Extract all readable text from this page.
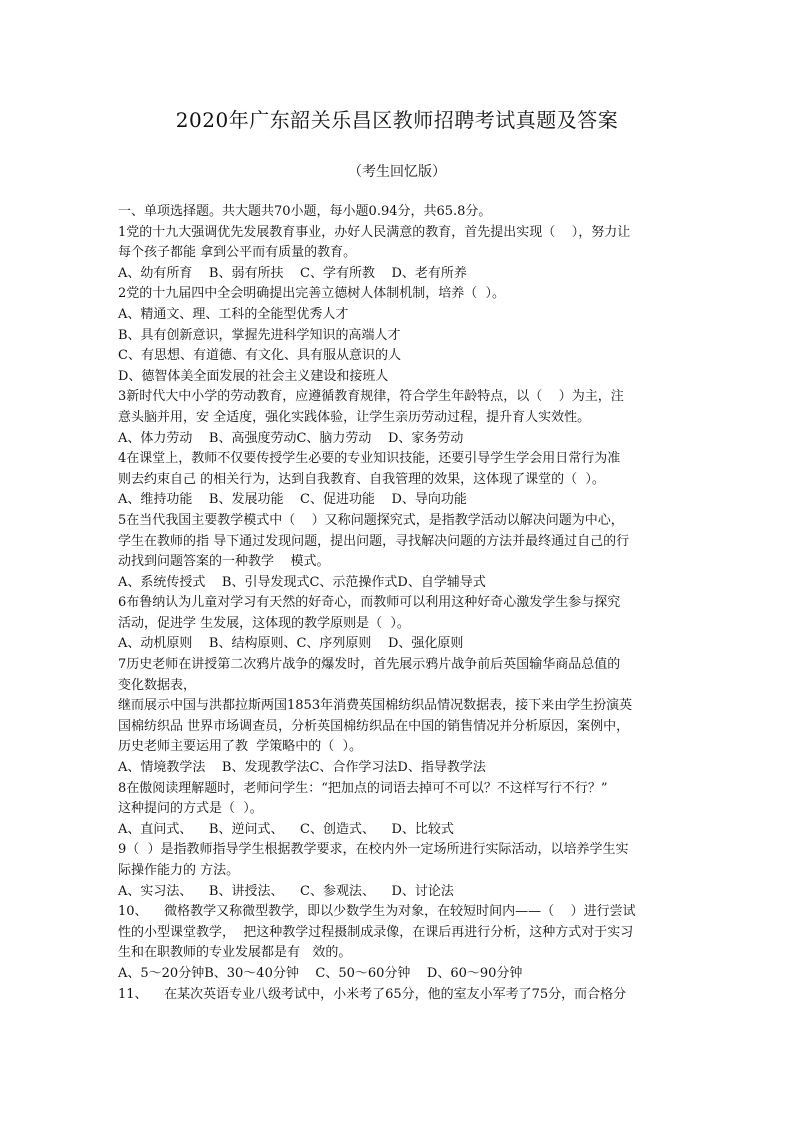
2020年广东韶关乐昌区教师招聘考试真题及答案
（考生回忆版）
一、单项选择题。共大题共70小题，每小题0.94分，共65.8分。
1党的十九大强调优先发展教育事业，办好人民满意的教育，首先提出实现（    ），努力让
每个孩子都能 拿到公平而有质量的教育。
A、幼有所育    B、弱有所扶    C、学有所教    D、老有所养
2党的十九届四中全会明确提出完善立德树人体制机制，培养（  ）。
A、精通文、理、工科的全能型优秀人才
B、具有创新意识，掌握先进科学知识的高端人才
C、有思想、有道德、有文化、具有服从意识的人
D、德智体美全面发展的社会主义建设和接班人
3新时代大中小学的劳动教育，应遵循教育规律，符合学生年龄特点，以（    ）为主，注
意头脑并用，安 全适度，强化实践体验，让学生亲历劳动过程，提升育人实效性。
A、体力劳动    B、高强度劳动C、脑力劳动    D、家务劳动
4在课堂上，教师不仅要传授学生必要的专业知识技能，还要引导学生学会用日常行为准
则去约束自己 的相关行为，达到自我教育、自我管理的效果，这体现了课堂的（  ）。
A、维持功能    B、发展功能    C、促进功能    D、导向功能
5在当代我国主要教学模式中（    ）又称问题探究式，是指教学活动以解决问题为中心，
学生在教师的指 导下通过发现问题，提出问题，寻找解决问题的方法并最终通过自己的行
动找到问题答案的一种教学    模式。
A、系统传授式    B、引导发现式C、示范操作式D、自学辅导式
6布鲁纳认为儿童对学习有天然的好奇心，而教师可以利用这种好奇心激发学生参与探究
活动，促进学 生发展，这体现的教学原则是（  ）。
A、动机原则    B、结构原则、C、序列原则    D、强化原则
7历史老师在讲授第二次鸦片战争的爆发时，首先展示鸦片战争前后英国输华商品总值的
变化数据表，
继而展示中国与洪都拉斯两国1853年消费英国棉纺织品情况数据表，接下来由学生扮演英
国棉纺织品 世界市场调查员，分析英国棉纺织品在中国的销售情况并分析原因，案例中，
历史老师主要运用了教  学策略中的（  ）。
A、情境教学法    B、发现教学法C、合作学习法D、指导教学法
8在傲阅读理解题时，老师问学生：“把加点的词语去掉可不可以？不这样写行不行？”
这种提问的方式是（  ）。
A、直问式、    B、逆问式、    C、创造式、    D、比较式
9（  ）是指教师指导学生根据教学要求，在校内外一定场所进行实际活动，以培养学生实
际操作能力的 方法。
A、实习法、    B、讲授法、    C、参观法、    D、讨论法
10、    微格教学又称微型教学，即以少数学生为对象，在较短时间内——（    ）进行尝试
性的小型课堂教学，  把这种教学过程摄制成录像，在课后再进行分析，这种方式对于实习
生和在职教师的专业发展都是有   效的。
A、5～20分钟B、30～40分钟    C、50～60分钟    D、60～90分钟
11、    在某次英语专业八级考试中，小米考了65分，他的室友小军考了75分，而合格分
